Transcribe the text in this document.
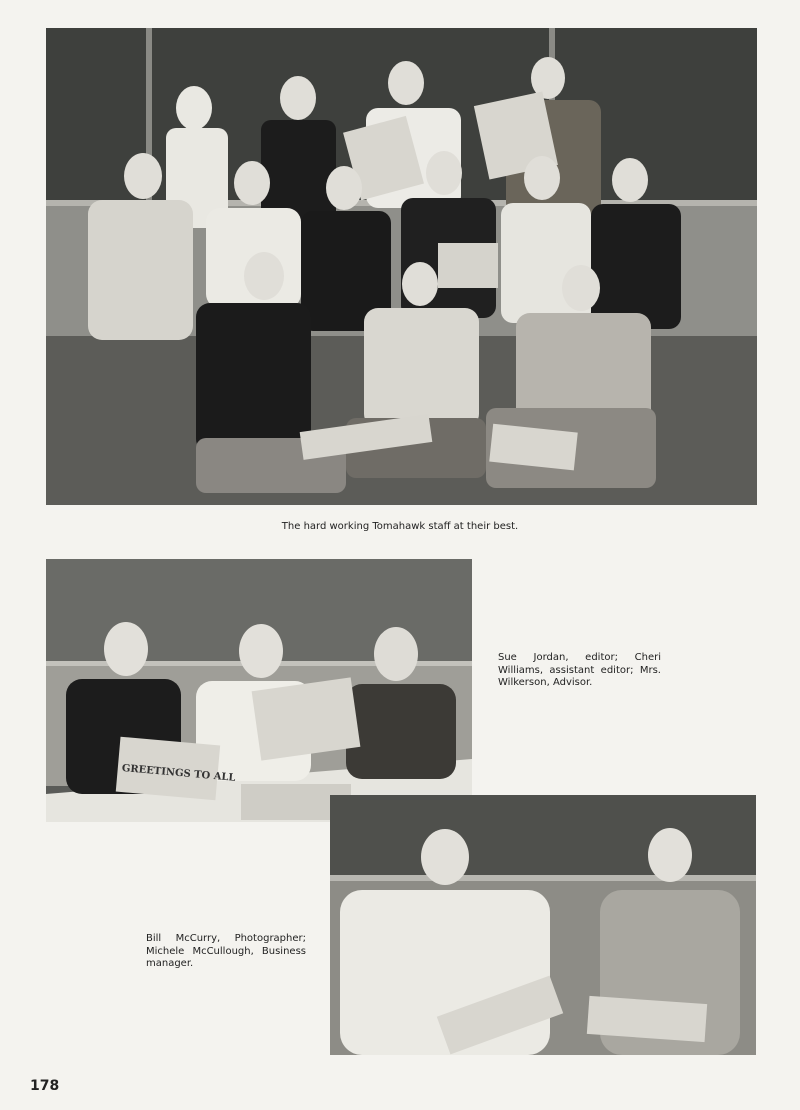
The hard working Tomahawk staff at their best.
GREETINGS TO ALL
Sue Jordan, editor; Cheri Williams, assistant editor; Mrs. Wilkerson, Advisor.
Bill McCurry, Photographer; Michele McCullough, Business manager.
178
